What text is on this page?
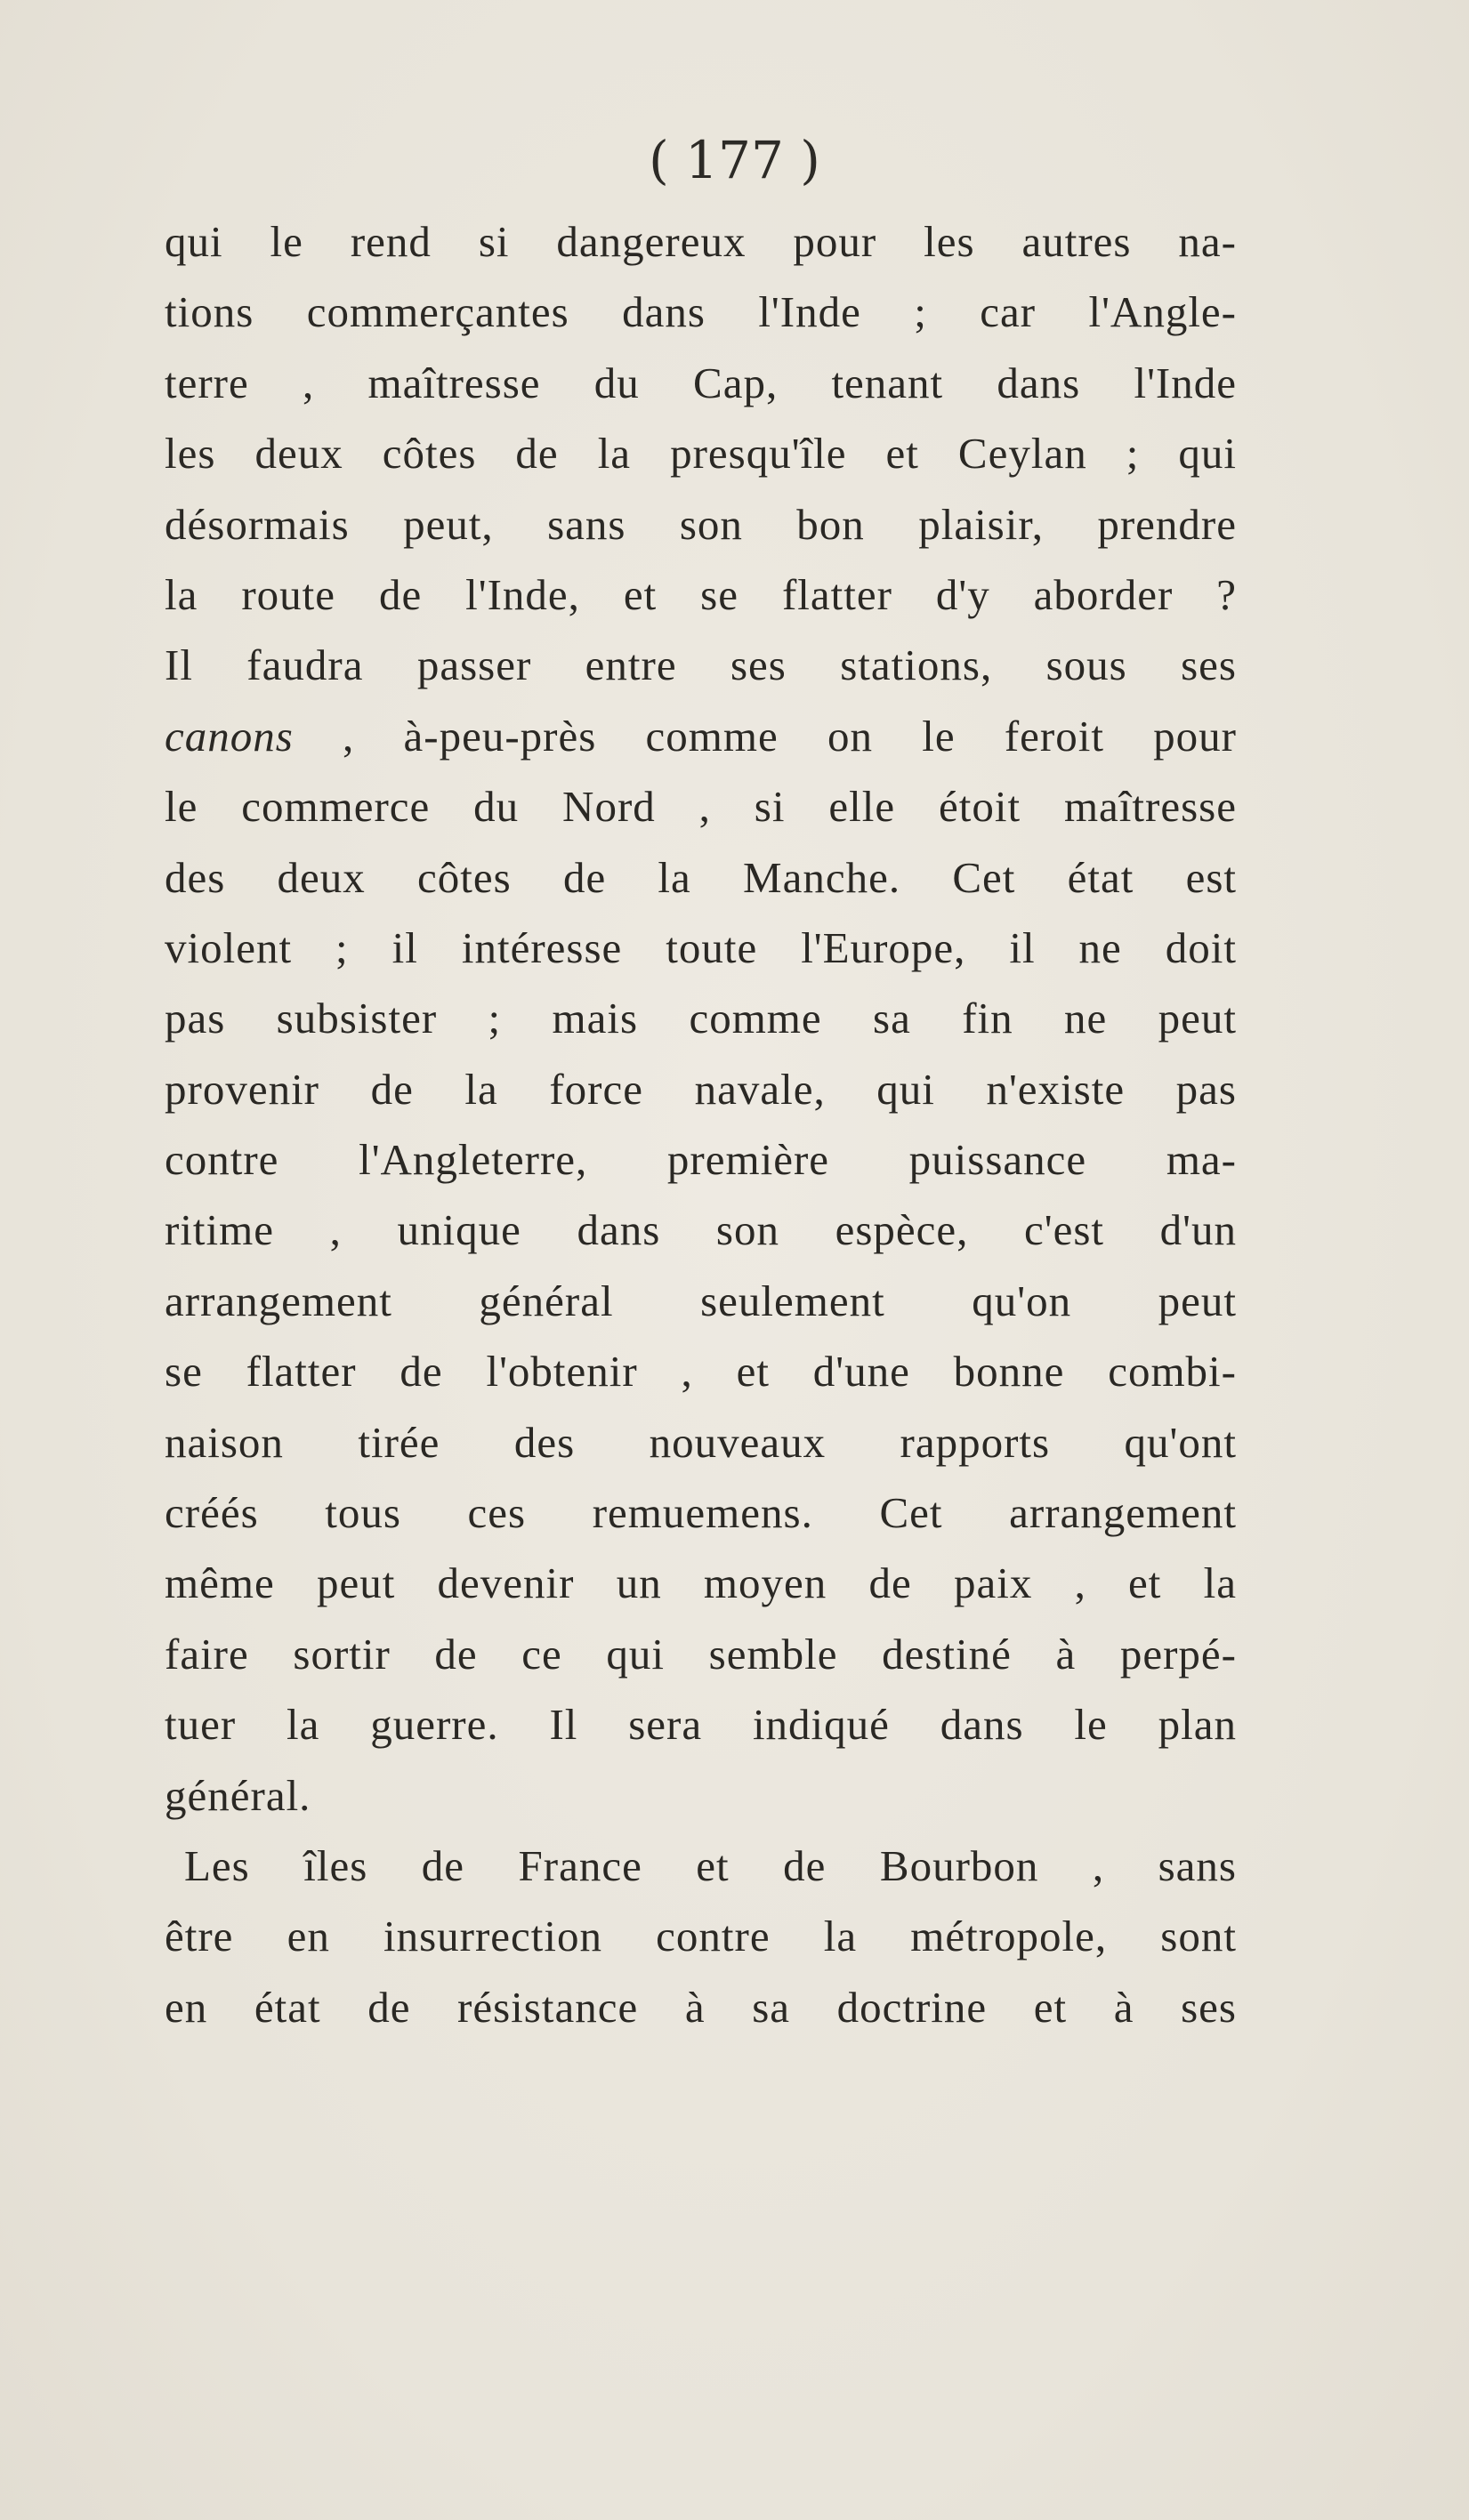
( 177 )

qui le rend si dangereux pour les autres na-
tions commerçantes dans l'Inde ; car l'Angle-
terre , maîtresse du Cap, tenant dans l'Inde
les deux côtes de la presqu'île et Ceylan ; qui
désormais peut, sans son bon plaisir, prendre
la route de l'Inde, et se flatter d'y aborder ?
Il faudra passer entre ses stations, sous ses
canons , à-peu-près comme on le feroit pour
le commerce du Nord , si elle étoit maîtresse
des deux côtes de la Manche. Cet état est
violent ; il intéresse toute l'Europe, il ne doit
pas subsister ; mais comme sa fin ne peut
provenir de la force navale, qui n'existe pas
contre l'Angleterre, première puissance ma-
ritime , unique dans son espèce, c'est d'un
arrangement général seulement qu'on peut
se flatter de l'obtenir , et d'une bonne combi-
naison tirée des nouveaux rapports qu'ont
créés tous ces remuemens. Cet arrangement
même peut devenir un moyen de paix , et la
faire sortir de ce qui semble destiné à perpé-
tuer la guerre. Il sera indiqué dans le plan
général.
Les îles de France et de Bourbon , sans
être en insurrection contre la métropole, sont
en état de résistance à sa doctrine et à ses
